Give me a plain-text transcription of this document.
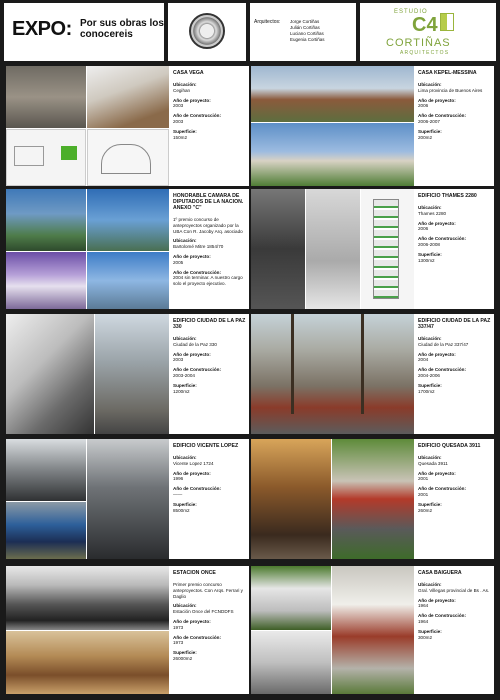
EXPO: Por sus obras los conocereis
Arquitectos: Jorge Cortiñas
Julián Cortiñas
Luciano Cortiñas
Eugenia Cortiñas
ESTUDIO
C4
CORTIÑAS
ARQUITECTOS
CASA VEGA
Ubicación:
Cegihan
Año de proyecto:
2003
Año de Construcción:
2003
Superficie:
150m2
CASA KEPEL-MESSINA
Ubicación:
Lima provincia de Buenos Aires
Año de proyecto:
2006
Año de Construcción:
2006-2007
Superficie:
200m2
HONORABLE CAMARA DE DIPUTADOS DE LA NACION. ANEXO "C"
1º premio concurso de anteproyectos organizado por la UBA Con R. Jacoby Arq. asociado
Ubicación:
Bartolomé Mitre 1854/70
Año de proyecto:
2005
Año de Construcción:
2004 sin terminar. A nuestro cargo solo el proyecto ejecutivo.
EDIFICIO THAMES 2280
Ubicación:
Thames 2280
Año de proyecto:
2006
Año de Construcción:
2006-2008
Superficie:
1300m2
EDIFICIO CIUDAD DE LA PAZ 330
Ubicación:
Ciudad de la Paz 330
Año de proyecto:
2003
Año de Construcción:
2003-2004
Superficie:
1200m2
EDIFICIO CIUDAD DE LA PAZ 337/47
Ubicación:
Ciudad de la Paz 337/47
Año de proyecto:
2004
Año de Construcción:
2004-2006
Superficie:
1700m2
EDIFICIO VICENTE LOPEZ
Ubicación:
Vicente Lopez 1724
Año de proyecto:
1996
Año de Construcción:
——
Superficie:
8500m2
EDIFICIO QUESADA 3911
Ubicación:
Quesada 3911
Año de proyecto:
2001
Año de Construcción:
2001
Superficie:
260m2
ESTACION ONCE
Primer premio concurso anteproyectos. Con Arqs. Ferrari y Daglio
Ubicación:
Estación Once del FCNDDFS
Año de proyecto:
1973
Año de Construcción:
1973
Superficie:
26000m2
CASA BAIGUERA
Ubicación:
Gral. Villegas provincial de Bs . As.
Año de proyecto:
1964
Año de Construcción:
1964
Superficie:
300m2
